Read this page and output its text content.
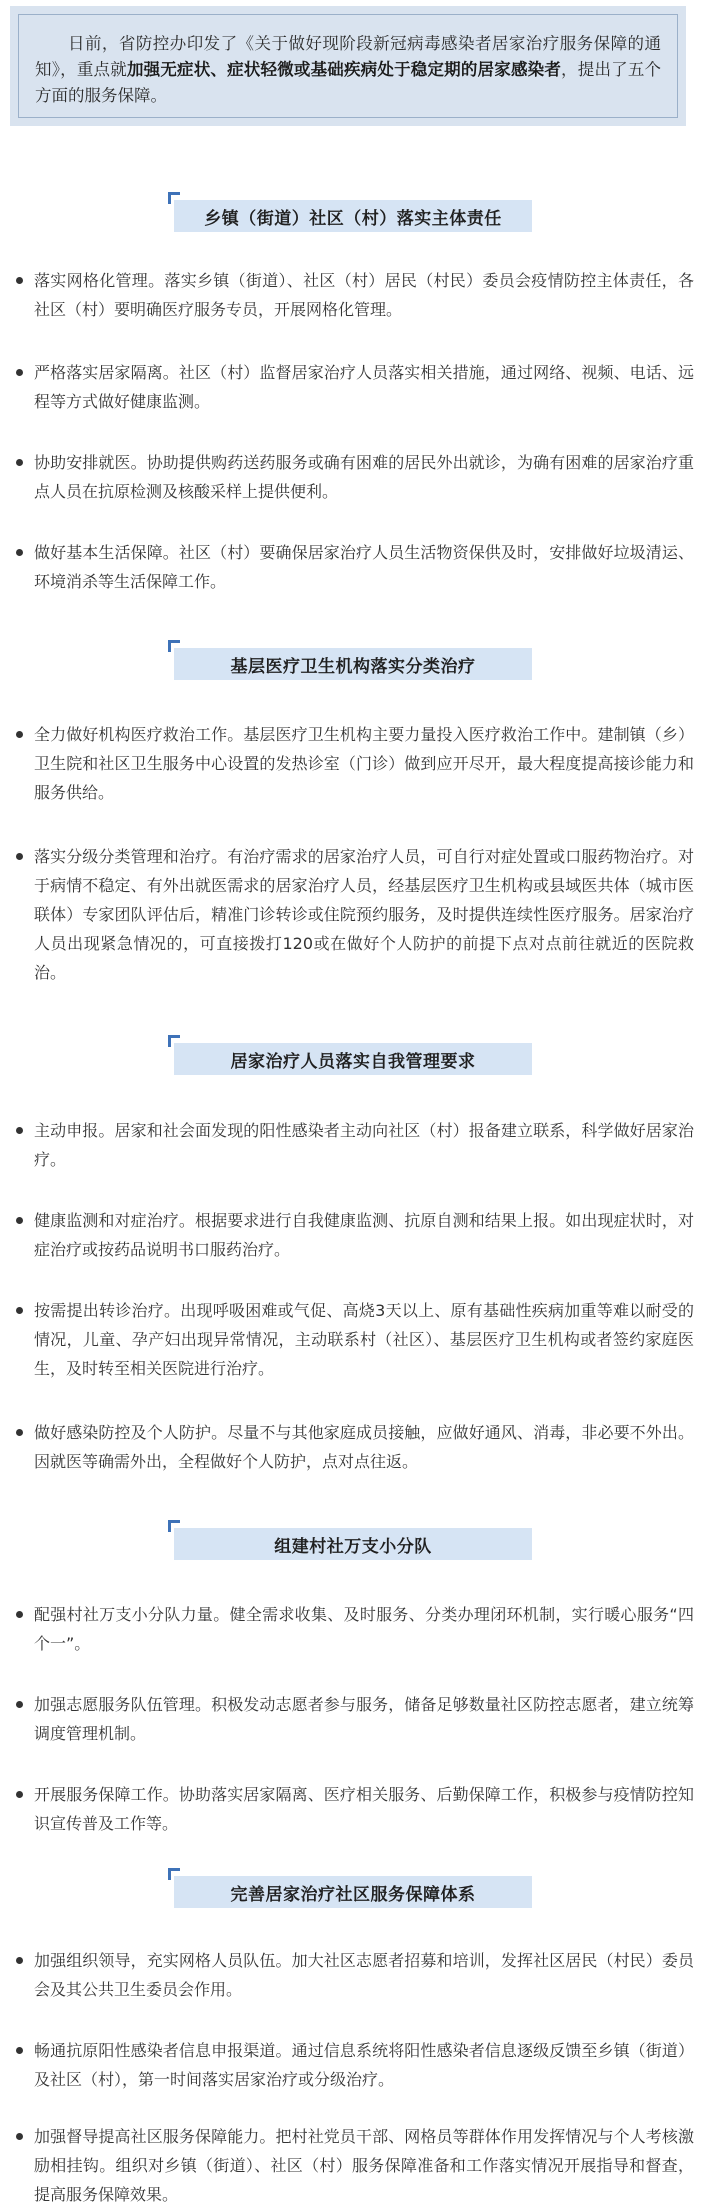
日前，省防控办印发了《关于做好现阶段新冠病毒感染者居家治疗服务保障的通知》，重点就加强无症状、症状轻微或基础疾病处于稳定期的居家感染者，提出了五个方面的服务保障。
乡镇（街道）社区（村）落实主体责任
落实网格化管理。落实乡镇（街道）、社区（村）居民（村民）委员会疫情防控主体责任，各社区（村）要明确医疗服务专员，开展网格化管理。
严格落实居家隔离。社区（村）监督居家治疗人员落实相关措施，通过网络、视频、电话、远程等方式做好健康监测。
协助安排就医。协助提供购药送药服务或确有困难的居民外出就诊，为确有困难的居家治疗重点人员在抗原检测及核酸采样上提供便利。
做好基本生活保障。社区（村）要确保居家治疗人员生活物资保供及时，安排做好垃圾清运、环境消杀等生活保障工作。
基层医疗卫生机构落实分类治疗
全力做好机构医疗救治工作。基层医疗卫生机构主要力量投入医疗救治工作中。建制镇（乡）卫生院和社区卫生服务中心设置的发热诊室（门诊）做到应开尽开，最大程度提高接诊能力和服务供给。
落实分级分类管理和治疗。有治疗需求的居家治疗人员，可自行对症处置或口服药物治疗。对于病情不稳定、有外出就医需求的居家治疗人员，经基层医疗卫生机构或县域医共体（城市医联体）专家团队评估后，精准门诊转诊或住院预约服务，及时提供连续性医疗服务。居家治疗人员出现紧急情况的，可直接拨打120或在做好个人防护的前提下点对点前往就近的医院救治。
居家治疗人员落实自我管理要求
主动申报。居家和社会面发现的阳性感染者主动向社区（村）报备建立联系，科学做好居家治疗。
健康监测和对症治疗。根据要求进行自我健康监测、抗原自测和结果上报。如出现症状时，对症治疗或按药品说明书口服药治疗。
按需提出转诊治疗。出现呼吸困难或气促、高烧3天以上、原有基础性疾病加重等难以耐受的情况，儿童、孕产妇出现异常情况，主动联系村（社区）、基层医疗卫生机构或者签约家庭医生，及时转至相关医院进行治疗。
做好感染防控及个人防护。尽量不与其他家庭成员接触，应做好通风、消毒，非必要不外出。因就医等确需外出，全程做好个人防护，点对点往返。
组建村社万支小分队
配强村社万支小分队力量。健全需求收集、及时服务、分类办理闭环机制，实行暖心服务“四个一”。
加强志愿服务队伍管理。积极发动志愿者参与服务，储备足够数量社区防控志愿者，建立统筹调度管理机制。
开展服务保障工作。协助落实居家隔离、医疗相关服务、后勤保障工作，积极参与疫情防控知识宣传普及工作等。
完善居家治疗社区服务保障体系
加强组织领导，充实网格人员队伍。加大社区志愿者招募和培训，发挥社区居民（村民）委员会及其公共卫生委员会作用。
畅通抗原阳性感染者信息申报渠道。通过信息系统将阳性感染者信息逐级反馈至乡镇（街道）及社区（村），第一时间落实居家治疗或分级治疗。
加强督导提高社区服务保障能力。把村社党员干部、网格员等群体作用发挥情况与个人考核激励相挂钩。组织对乡镇（街道）、社区（村）服务保障准备和工作落实情况开展指导和督查，提高服务保障效果。
